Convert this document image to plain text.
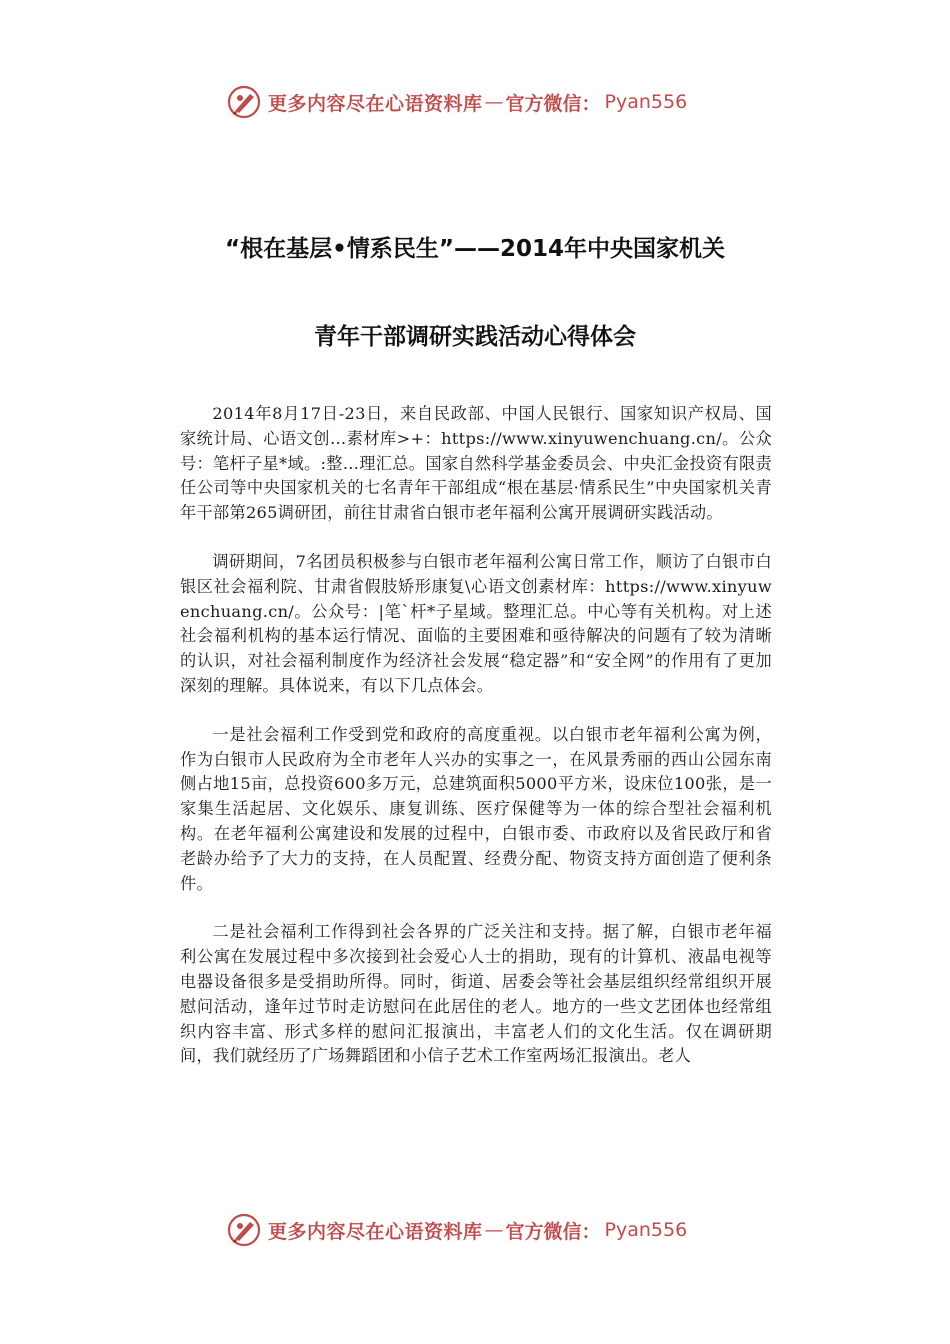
更多内容尽在心语资料库 — 官方微信： Pyan556
“根在基层•情系民生”——2014年中央国家机关
青年干部调研实践活动心得体会

2014年8月17日-23日，来自民政部、中国人民银行、国家知识产权局、国家统计局、心语文创…素材库>+：https://www.xinyuwenchuang.cn/。公众号：笔杆子星*域。:整…理汇总。国家自然科学基金委员会、中央汇金投资有限责任公司等中央国家机关的七名青年干部组成“根在基层·情系民生”中央国家机关青年干部第265调研团，前往甘肃省白银市老年福利公寓开展调研实践活动。

调研期间，7名团员积极参与白银市老年福利公寓日常工作，顺访了白银市白银区社会福利院、甘肃省假肢矫形康复\心语文创素材库：https://www.xinyuwenchuang.cn/。公众号：|笔`杆*子星域。整理汇总。中心等有关机构。对上述社会福利机构的基本运行情况、面临的主要困难和亟待解决的问题有了较为清晰的认识，对社会福利制度作为经济社会发展“稳定器”和“安全网”的作用有了更加深刻的理解。具体说来，有以下几点体会。

一是社会福利工作受到党和政府的高度重视。以白银市老年福利公寓为例，作为白银市人民政府为全市老年人兴办的实事之一，在风景秀丽的西山公园东南侧占地15亩，总投资600多万元，总建筑面积5000平方米，设床位100张，是一家集生活起居、文化娱乐、康复训练、医疗保健等为一体的综合型社会福利机构。在老年福利公寓建设和发展的过程中，白银市委、市政府以及省民政厅和省老龄办给予了大力的支持，在人员配置、经费分配、物资支持方面创造了便利条件。

二是社会福利工作得到社会各界的广泛关注和支持。据了解，白银市老年福利公寓在发展过程中多次接到社会爱心人士的捐助，现有的计算机、液晶电视等电器设备很多是受捐助所得。同时，街道、居委会等社会基层组织经常组织开展慰问活动，逢年过节时走访慰问在此居住的老人。地方的一些文艺团体也经常组织内容丰富、形式多样的慰问汇报演出，丰富老人们的文化生活。仅在调研期间，我们就经历了广场舞蹈团和小信子艺术工作室两场汇报演出。老人

更多内容尽在心语资料库 — 官方微信： Pyan556
